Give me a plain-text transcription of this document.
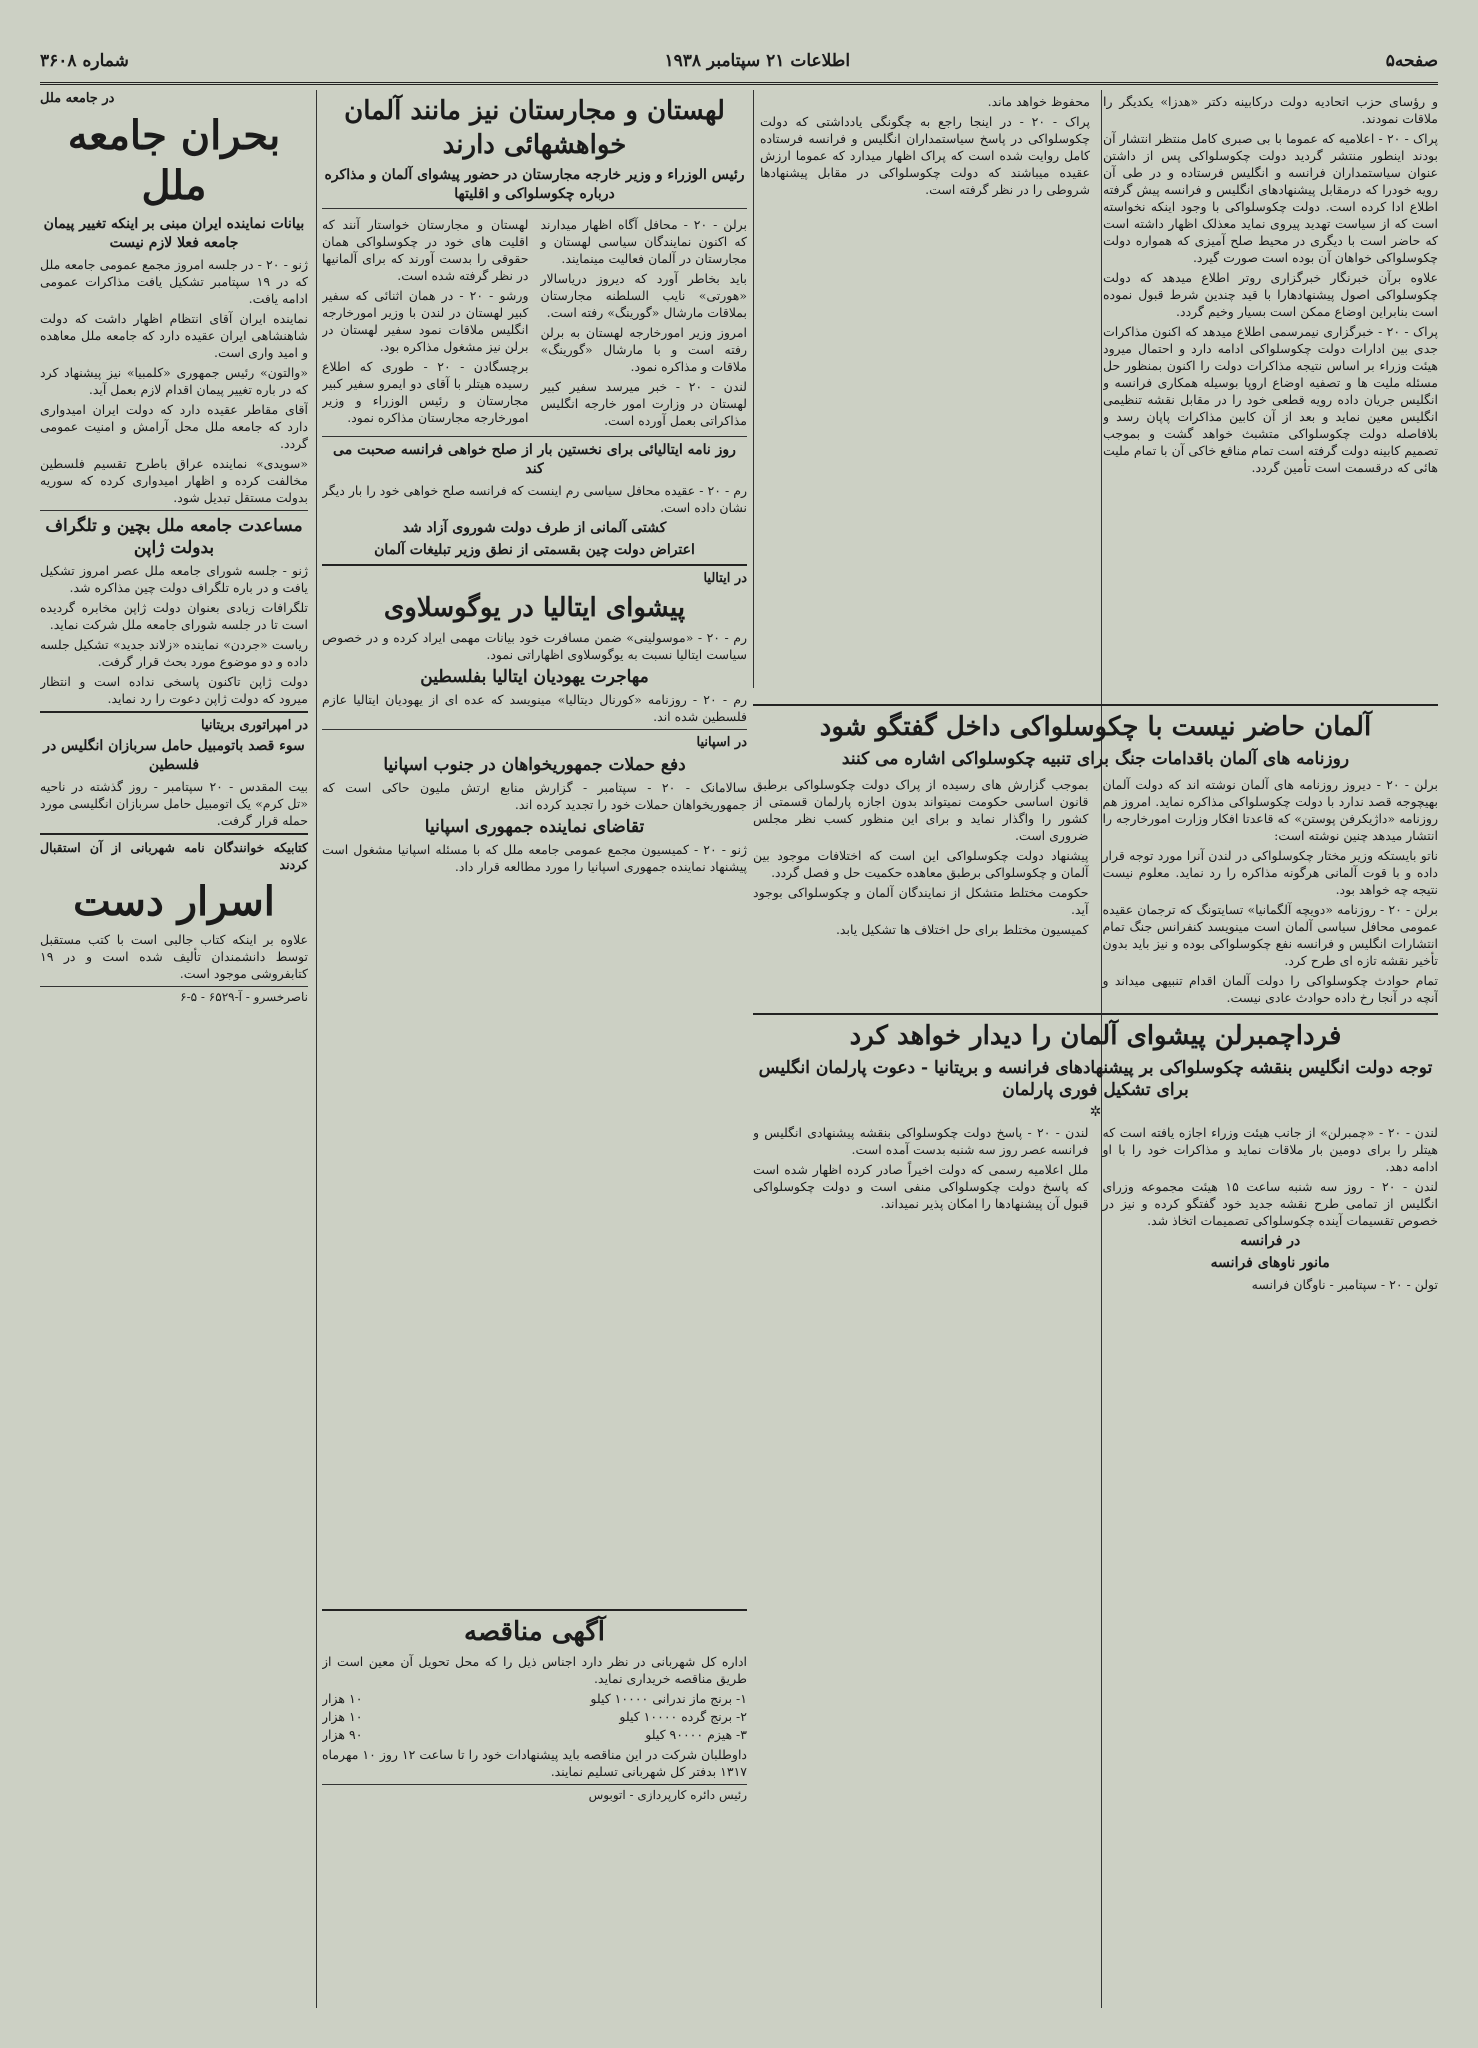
صفحه۵
اطلاعات ۲۱ سپتامبر ۱۹۳۸
شماره ۳۶۰۸

و رؤسای حزب اتحادیه دولت درکابینه دکتر «هدزا» یکدیگر را ملاقات نمودند.

پراک - ۲۰ - اعلامیه که عموما با بی صبری کامل منتظر انتشار آن بودند اینطور منتشر گردید دولت چکوسلواکی پس از داشتن عنوان سیاستمداران فرانسه و انگلیس فرستاده و در طی آن رویه خودرا که درمقابل پیشنهادهای انگلیس و فرانسه پیش گرفته اطلاع ادا کرده است. دولت چکوسلواکی با وجود اینکه نخواسته است که از سیاست تهدید پیروی نماید معذلک اظهار داشته است که حاضر است با دیگری در محیط صلح آمیزی که همواره دولت چکوسلواکی خواهان آن بوده است صورت گیرد.

علاوه برآن خبرنگار خبرگزاری روتر اطلاع میدهد که دولت چکوسلواکی اصول پیشنهادهارا با قید چندین شرط قبول نموده است بنابراین اوضاع ممکن است بسیار وخیم گردد.

پراک - ۲۰ - خبرگزاری نیمرسمی اطلاع میدهد که اکنون مذاکرات جدی بین ادارات دولت چکوسلواکی ادامه دارد و احتمال میرود هیئت وزراء بر اساس نتیجه مذاکرات دولت را اکنون بمنظور حل مسئله ملیت ها و تصفیه اوضاع اروپا بوسیله همکاری فرانسه و انگلیس جریان داده رویه قطعی خود را در مقابل نقشه تنظیمی انگلیس معین نماید و بعد از آن کابین مذاکرات پاپان رسد و بلافاصله دولت چکوسلواکی متشبث خواهد گشت و بموجب تصمیم کابینه دولت گرفته است تمام منافع خاکی آن با تمام ملیت هائی که درقسمت است تأمین گردد.

آلمان حاضر نیست با چکوسلواکی داخل گفتگو شود
روزنامه های آلمان باقدامات جنگ برای تنبیه چکوسلواکی اشاره می کنند

برلن - ۲۰ - دیروز روزنامه های آلمان نوشته اند که دولت آلمان بهیچوجه قصد ندارد با دولت چکوسلواکی مذاکره نماید. امروز هم روزنامه «داژیکرفن پوستن» که قاعدتا افکار وزارت امورخارجه را انتشار میدهد چنین نوشته است:

ناتو بایستکه وزیر مختار چکوسلواکی در لندن آنرا مورد توجه قرار داده و با قوت آلمانی هرگونه مذاکره را رد نماید. معلوم نیست نتیجه چه خواهد بود.

برلن - ۲۰ - روزنامه «دویچه آلگمانیا» تسایتونگ که ترجمان عقیده عمومی محافل سیاسی آلمان است مینویسد کنفرانس جنگ تمام انتشارات انگلیس و فرانسه نفع چکوسلواکی بوده و نیز باید بدون تأخیر نقشه تازه ای طرح کرد.

تمام حوادث چکوسلواکی را دولت آلمان اقدام تنبیهی میداند و آنچه در آنجا رخ داده حوادث عادی نیست.

بموجب گزارش های رسیده از پراک دولت چکوسلواکی برطبق قانون اساسی حکومت نمیتواند بدون اجازه پارلمان قسمتی از کشور را واگذار نماید و برای این منظور کسب نظر مجلس ضروری است.

پیشنهاد دولت چکوسلواکی این است که اختلافات موجود بین آلمان و چکوسلواکی برطبق معاهده حکمیت حل و فصل گردد.

حکومت مختلط متشکل از نمایندگان آلمان و چکوسلواکی بوجود آید.

کمیسیون مختلط برای حل اختلاف ها تشکیل یابد.

فرداچمبرلن پیشوای آلمان را دیدار خواهد کرد
توجه دولت انگلیس بنقشه چکوسلواکی بر پیشنهادهای فرانسه و بریتانیا - دعوت پارلمان انگلیس برای تشکیل فوری پارلمان
✲

لندن - ۲۰ - «چمبرلن» از جانب هیئت وزراء اجازه یافته است که هیتلر را برای دومین بار ملاقات نماید و مذاکرات خود را با او ادامه دهد.

لندن - ۲۰ - روز سه شنبه ساعت ۱۵ هیئت مجموعه وزرای انگلیس از تمامی طرح نقشه جدید خود گفتگو کرده و نیز در خصوص تقسیمات آینده چکوسلواکی تصمیمات اتخاذ شد.

در فرانسه
مانور ناوهای فرانسه

تولن - ۲۰ - سپتامبر - ناوگان فرانسه

لندن - ۲۰ - پاسخ دولت چکوسلواکی بنقشه پیشنهادی انگلیس و فرانسه عصر روز سه شنبه بدست آمده است.

ملل اعلامیه رسمی که دولت اخیراً صادر کرده اظهار شده است که پاسخ دولت چکوسلواکی منفی است و دولت چکوسلواکی قبول آن پیشنهادها را امکان پذیر نمیداند.

محفوظ خواهد ماند.

پراک - ۲۰ - در اینجا راجع به چگونگی یادداشتی که دولت چکوسلواکی در پاسخ سیاستمداران انگلیس و فرانسه فرستاده کامل روایت شده است که پراک اظهار میدارد که عموما ارزش عقیده میباشند که دولت چکوسلواکی در مقابل پیشنهادها شروطی را در نظر گرفته است.

لهستان و مجارستان نیز مانند آلمان خواهشهائی دارند
رئیس الوزراء و وزیر خارجه مجارستان در حضور پیشوای آلمان و مذاکره درباره چکوسلواکی و اقلیتها

برلن - ۲۰ - محافل آگاه اظهار میدارند که اکنون نمایندگان سیاسی لهستان و مجارستان در آلمان فعالیت مینمایند.

باید بخاطر آورد که دیروز دریاسالار «هورتی» نایب السلطنه مجارستان بملاقات مارشال «گورینگ» رفته است.

امروز وزیر امورخارجه لهستان به برلن رفته است و با مارشال «گورینگ» ملاقات و مذاکره نمود.

لندن - ۲۰ - خبر میرسد سفیر کبیر لهستان در وزارت امور خارجه انگلیس مذاکراتی بعمل آورده است.

لهستان و مجارستان خواستار آنند که اقلیت های خود در چکوسلواکی همان حقوقی را بدست آورند که برای آلمانیها در نظر گرفته شده است.

ورشو - ۲۰ - در همان اثنائی که سفیر کبیر لهستان در لندن با وزیر امورخارجه انگلیس ملاقات نمود سفیر لهستان در برلن نیز مشغول مذاکره بود.

برچسگادن - ۲۰ - طوری که اطلاع رسیده هیتلر با آقای دو ایمرو سفیر کبیر مجارستان و رئیس الوزراء و وزیر امورخارجه مجارستان مذاکره نمود.

روز نامه ایتالیائی برای نخستین بار از صلح خواهی فرانسه صحبت می کند

رم - ۲۰ - عقیده محافل سیاسی رم اینست که فرانسه صلح خواهی خود را بار دیگر نشان داده است.

کشتی آلمانی از طرف دولت شوروی آزاد شد
اعتراض دولت چین بقسمتی از نطق وزیر تبلیغات آلمان
در ایتالیا
پیشوای ایتالیا در یوگوسلاوی

رم - ۲۰ - «موسولینی» ضمن مسافرت خود بیانات مهمی ایراد کرده و در خصوص سیاست ایتالیا نسبت به یوگوسلاوی اظهاراتی نمود.

مهاجرت یهودیان ایتالیا بفلسطین

رم - ۲۰ - روزنامه «کورنال دیتالیا» مینویسد که عده ای از یهودیان ایتالیا عازم فلسطین شده اند.

در اسپانیا
دفع حملات جمهوریخواهان در جنوب اسپانیا

سالامانک - ۲۰ - سپتامبر - گزارش منابع ارتش ملیون حاکی است که جمهوریخواهان حملات خود را تجدید کرده اند.

تقاضای نماینده جمهوری اسپانیا

ژنو - ۲۰ - کمیسیون مجمع عمومی جامعه ملل که با مسئله اسپانیا مشغول است پیشنهاد نماینده جمهوری اسپانیا را مورد مطالعه قرار داد.

آگهی مناقصه

اداره کل شهربانی در نظر دارد اجناس ذیل را که محل تحویل آن معین است از طریق مناقصه خریداری نماید.

۱- برنج ماز ندرانی ۱۰۰۰۰ کیلو
۱۰ هزار
۲- برنج گرده ۱۰۰۰۰ کیلو
۱۰ هزار
۳- هیزم ۹۰۰۰۰ کیلو
۹۰ هزار

داوطلبان شرکت در این مناقصه باید پیشنهادات خود را تا ساعت ۱۲ روز ۱۰ مهرماه ۱۳۱۷ بدفتر کل شهربانی تسلیم نمایند.

رئیس دائره کارپردازی - اتوبوس
در جامعه ملل
بحران جامعه ملل
بیانات نماینده ایران مبنی بر اینکه تغییر پیمان جامعه فعلا لازم نیست

ژنو - ۲۰ - در جلسه امروز مجمع عمومی جامعه ملل که در ۱۹ سپتامبر تشکیل یافت مذاکرات عمومی ادامه یافت.

نماینده ایران آقای انتظام اظهار داشت که دولت شاهنشاهی ایران عقیده دارد که جامعه ملل معاهده و امید واری است.

«والتون» رئیس جمهوری «کلمبیا» نیز پیشنهاد کرد که در باره تغییر پیمان اقدام لازم بعمل آید.

آقای مقاطر عقیده دارد که دولت ایران امیدواری دارد که جامعه ملل محل آرامش و امنیت عمومی گردد.

«سویدی» نماینده عراق باطرح تقسیم فلسطین مخالفت کرده و اظهار امیدواری کرده که سوریه بدولت مستقل تبدیل شود.

مساعدت جامعه ملل بچین و تلگراف بدولت ژاپن

ژنو - جلسه شورای جامعه ملل عصر امروز تشکیل یافت و در باره تلگراف دولت چین مذاکره شد.

تلگرافات زیادی بعنوان دولت ژاپن مخابره گردیده است تا در جلسه شورای جامعه ملل شرکت نماید.

ریاست «جردن» نماینده «زلاند جدید» تشکیل جلسه داده و دو موضوع مورد بحث قرار گرفت.

دولت ژاپن تاکنون پاسخی نداده است و انتظار میرود که دولت ژاپن دعوت را رد نماید.

در امپراتوری بریتانیا
سوء قصد باتومبیل حامل سربازان انگلیس در فلسطین

بیت المقدس - ۲۰ سپتامبر - روز گذشته در ناحیه «تل کرم» یک اتومبیل حامل سربازان انگلیسی مورد حمله قرار گرفت.

کتابیکه خوانندگان نامه شهربانی از آن استقبال کردند

اسرار دست

علاوه بر اینکه کتاب جالبی است با کتب مستقبل توسط دانشمندان تألیف شده است و در ۱۹ کتابفروشی موجود است.

ناصرخسرو - آ-۶۵۲۹ - ۵-۶
